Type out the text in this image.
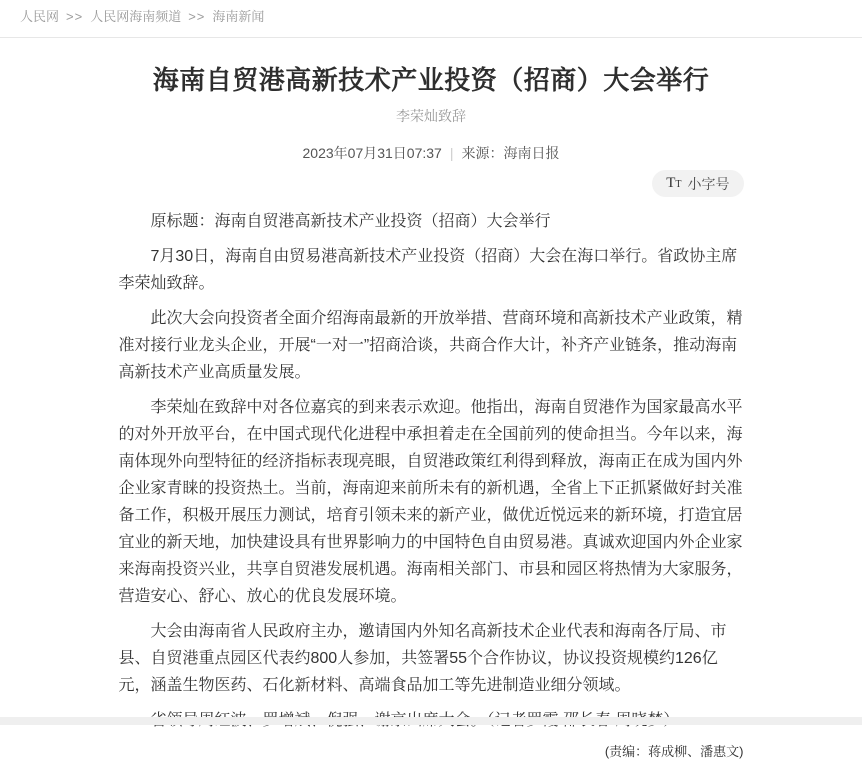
人民网 >> 人民网海南频道 >> 海南新闻
海南自贸港高新技术产业投资（招商）大会举行
李荣灿致辞
2023年07月31日07:37 | 来源：海南日报
TT 小字号

原标题：海南自贸港高新技术产业投资（招商）大会举行

7月30日，海南自由贸易港高新技术产业投资（招商）大会在海口举行。省政协主席李荣灿致辞。

此次大会向投资者全面介绍海南最新的开放举措、营商环境和高新技术产业政策，精准对接行业龙头企业，开展“一对一”招商洽谈，共商合作大计，补齐产业链条，推动海南高新技术产业高质量发展。

李荣灿在致辞中对各位嘉宾的到来表示欢迎。他指出，海南自贸港作为国家最高水平的对外开放平台，在中国式现代化进程中承担着走在全国前列的使命担当。今年以来，海南体现外向型特征的经济指标表现亮眼，自贸港政策红利得到释放，海南正在成为国内外企业家青睐的投资热土。当前，海南迎来前所未有的新机遇，全省上下正抓紧做好封关准备工作，积极开展压力测试，培育引领未来的新产业，做优近悦远来的新环境，打造宜居宜业的新天地，加快建设具有世界影响力的中国特色自由贸易港。真诚欢迎国内外企业家来海南投资兴业，共享自贸港发展机遇。海南相关部门、市县和园区将热情为大家服务，营造安心、舒心、放心的优良发展环境。

大会由海南省人民政府主办，邀请国内外知名高新技术企业代表和海南各厅局、市县、自贸港重点园区代表约800人参加，共签署55个合作协议，协议投资规模约126亿元，涵盖生物医药、石化新材料、高端食品加工等先进制造业细分领域。

(责编：蒋成柳、潘惠文)
